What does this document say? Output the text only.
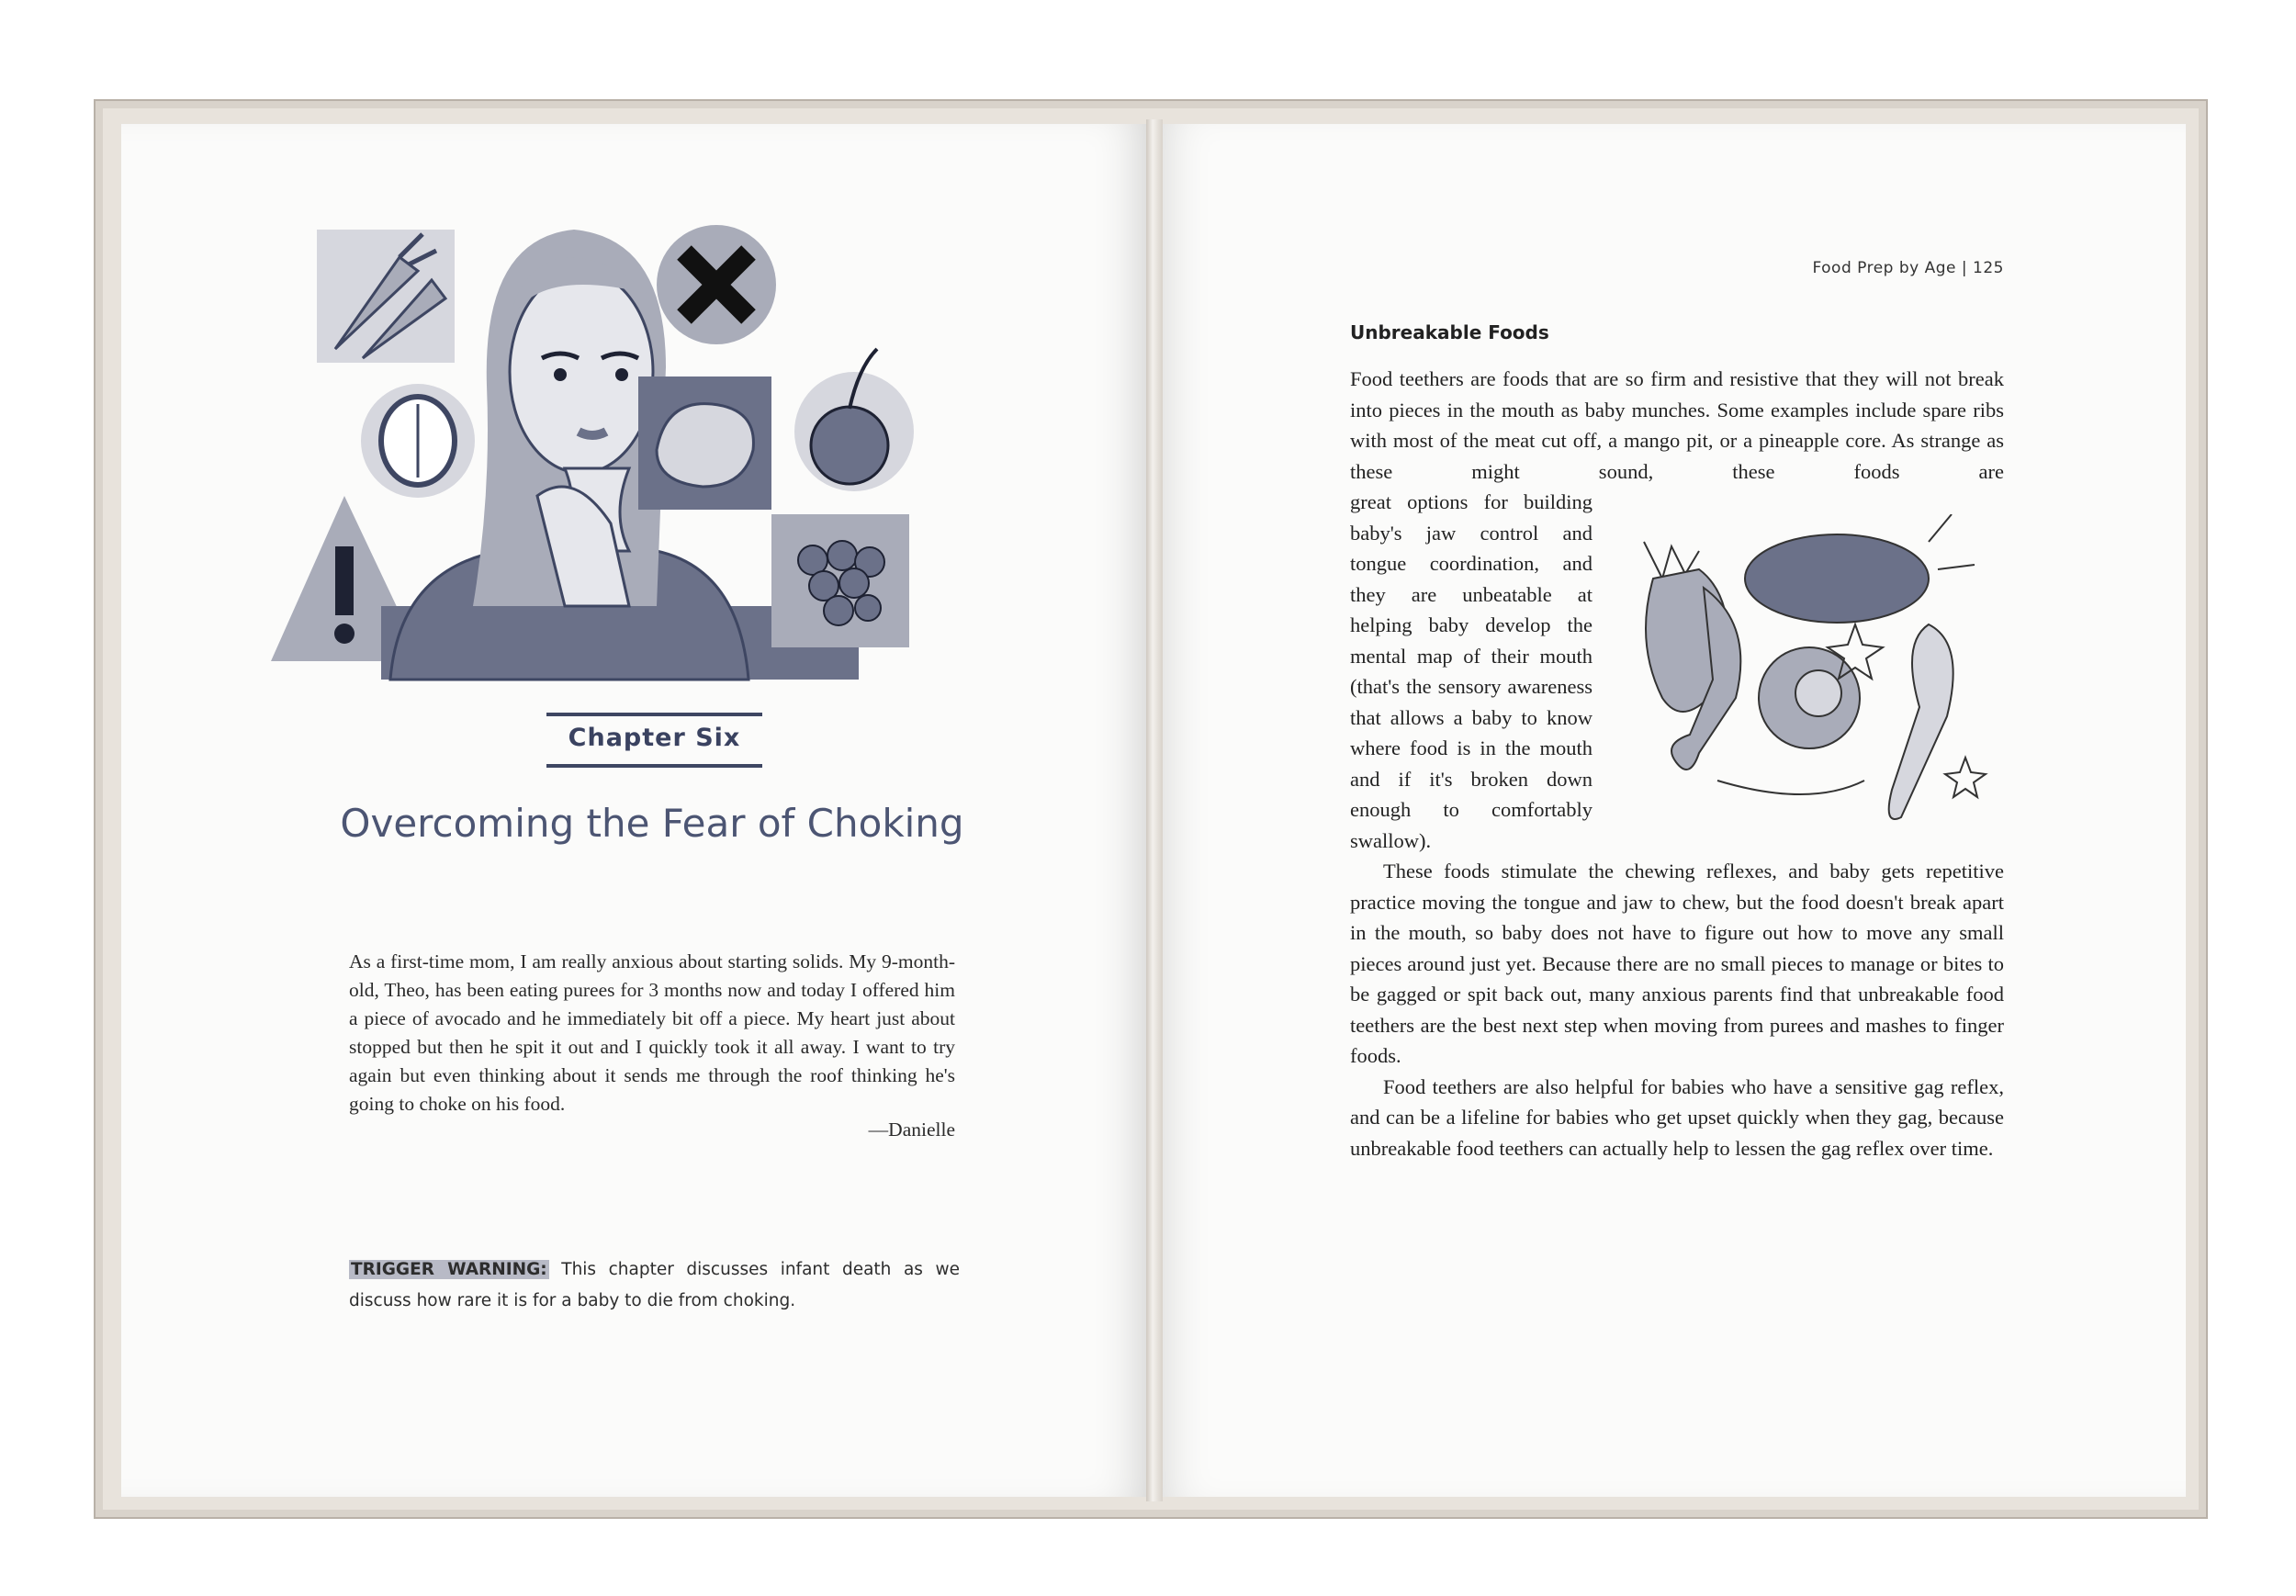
Chapter Six
Overcoming the Fear of Choking
As a first-time mom, I am really anxious about starting solids. My 9-month-old, Theo, has been eating purees for 3 months now and today I offered him a piece of avocado and he immediately bit off a piece. My heart just about stopped but then he spit it out and I quickly took it all away. I want to try again but even thinking about it sends me through the roof thinking he's going to choke on his food.
—Danielle
TRIGGER WARNING: This chapter discusses infant death as we discuss how rare it is for a baby to die from choking.
Food Prep by Age | 125
Unbreakable Foods
Food teethers are foods that are so firm and resistive that they will not break into pieces in the mouth as baby munches. Some examples include spare ribs with most of the meat cut off, a mango pit, or a pineapple core. As strange as these might sound, these foods are
great options for building baby's jaw control and tongue coordination, and they are unbeatable at helping baby develop the mental map of their mouth (that's the sensory awareness that allows a baby to know where food is in the mouth and if it's broken down enough to comfortably swallow).

These foods stimulate the chewing reflexes, and baby gets repetitive practice moving the tongue and jaw to chew, but the food doesn't break apart in the mouth, so baby does not have to figure out how to move any small pieces around just yet. Because there are no small pieces to manage or bites to be gagged or spit back out, many anxious parents find that unbreakable food teethers are the best next step when moving from purees and mashes to finger foods.

Food teethers are also helpful for babies who have a sensitive gag reflex, and can be a lifeline for babies who get upset quickly when they gag, because unbreakable food teethers can actually help to lessen the gag reflex over time.
